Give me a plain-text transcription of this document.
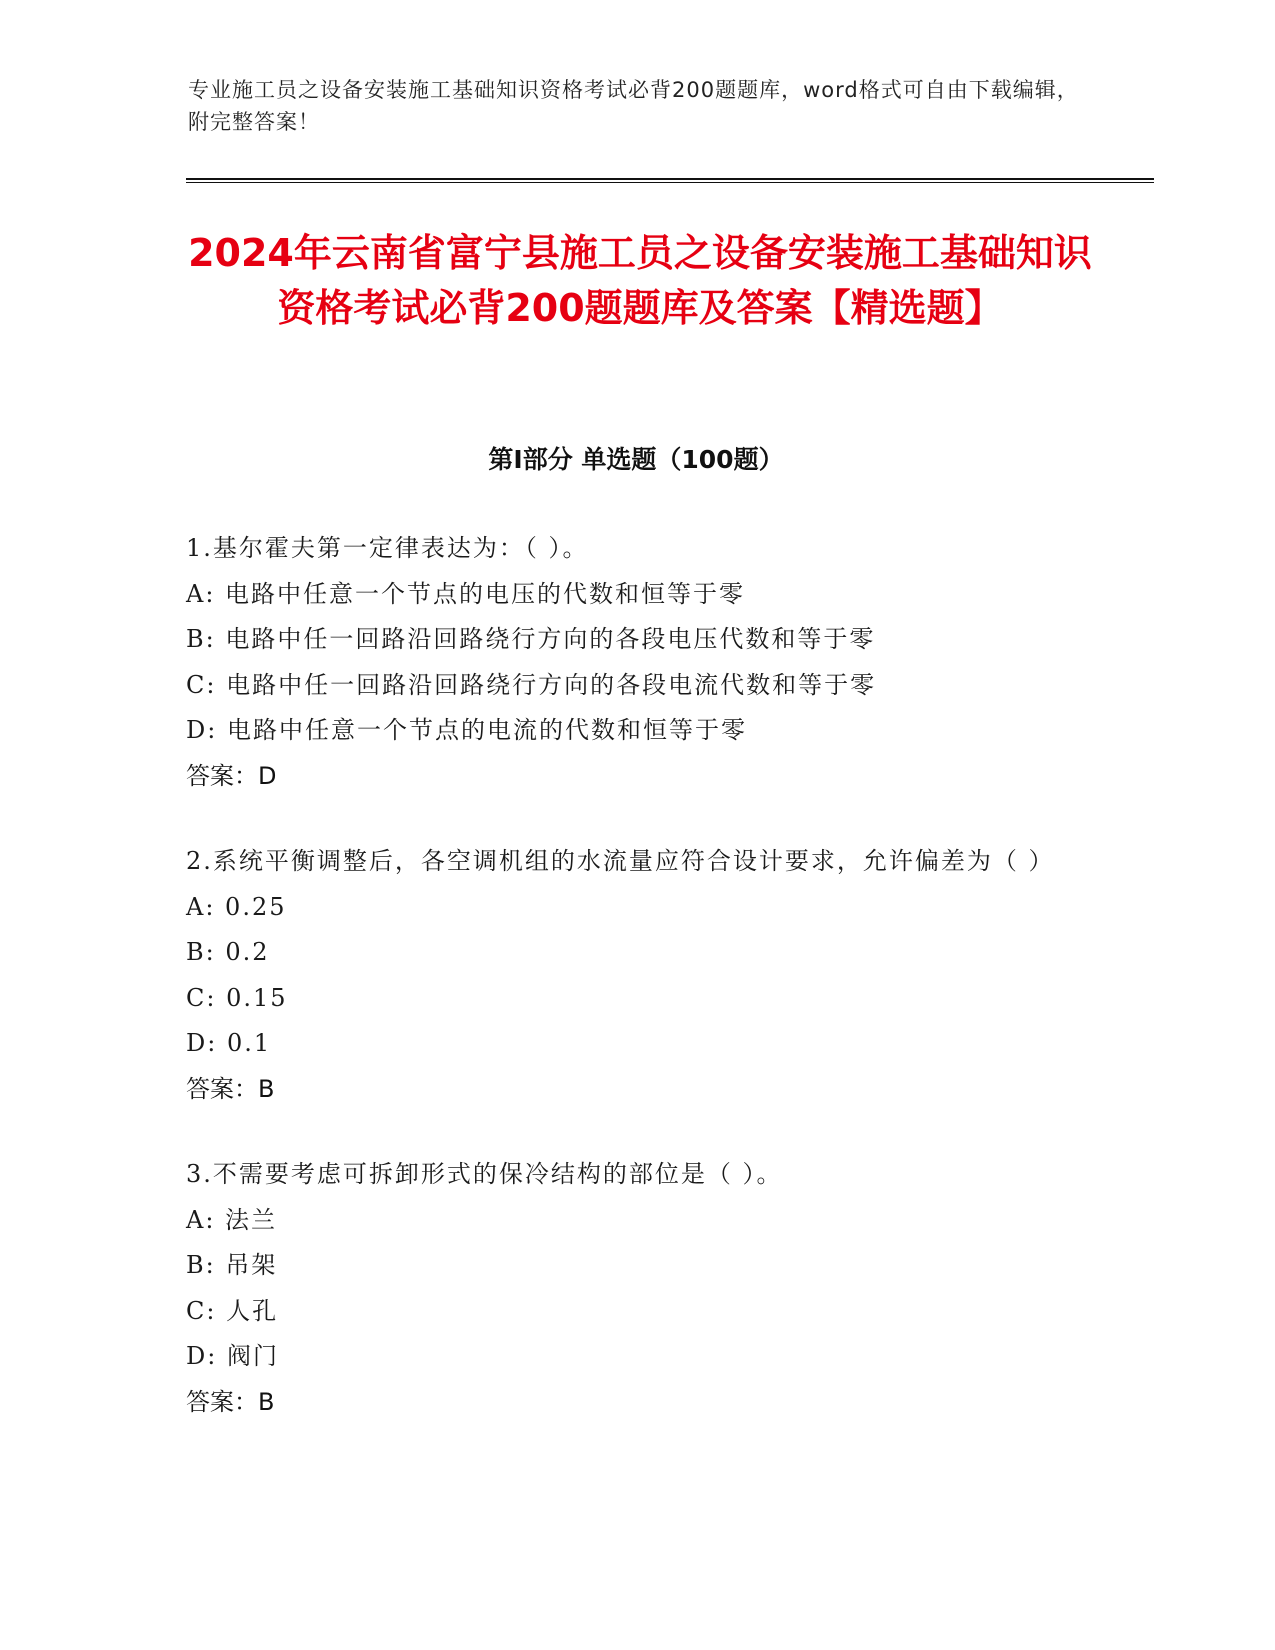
专业施工员之设备安装施工基础知识资格考试必背200题题库，word格式可自由下载编辑，附完整答案！
2024年云南省富宁县施工员之设备安装施工基础知识资格考试必背200题题库及答案【精选题】
第I部分 单选题（100题）
1.基尔霍夫第一定律表达为：（ ）。
A: 电路中任意一个节点的电压的代数和恒等于零
B: 电路中任一回路沿回路绕行方向的各段电压代数和等于零
C: 电路中任一回路沿回路绕行方向的各段电流代数和等于零
D: 电路中任意一个节点的电流的代数和恒等于零
答案：D
2.系统平衡调整后，各空调机组的水流量应符合设计要求，允许偏差为（ ）
A: 0.25
B: 0.2
C: 0.15
D: 0.1
答案：B
3.不需要考虑可拆卸形式的保冷结构的部位是（ ）。
A: 法兰
B: 吊架
C: 人孔
D: 阀门
答案：B
